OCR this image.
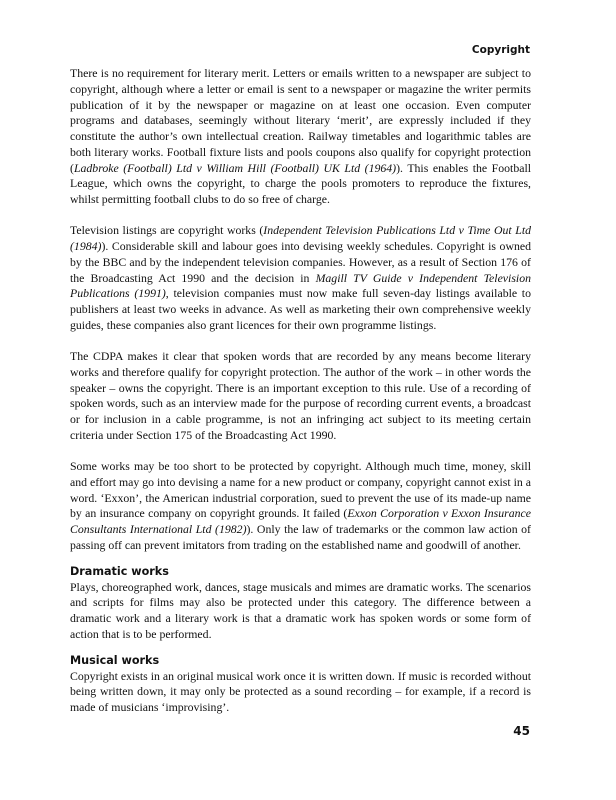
Copyright

There is no requirement for literary merit. Letters or emails written to a newspaper are subject to copyright, although where a letter or email is sent to a newspaper or magazine the writer permits publication of it by the newspaper or magazine on at least one occasion. Even computer programs and databases, seemingly without literary ‘merit’, are expressly included if they constitute the author’s own intellectual creation. Railway timetables and logarithmic tables are both literary works. Football fixture lists and pools coupons also qualify for copyright protection (Ladbroke (Football) Ltd v William Hill (Football) UK Ltd (1964)). This enables the Football League, which owns the copyright, to charge the pools promoters to reproduce the fixtures, whilst permitting football clubs to do so free of charge.

Television listings are copyright works (Independent Television Publications Ltd v Time Out Ltd (1984)). Considerable skill and labour goes into devising weekly schedules. Copyright is owned by the BBC and by the independent television companies. However, as a result of Section 176 of the Broadcasting Act 1990 and the decision in Magill TV Guide v Independent Television Publications (1991), television companies must now make full seven-day listings available to publishers at least two weeks in advance. As well as marketing their own comprehensive weekly guides, these companies also grant licences for their own programme listings.

The CDPA makes it clear that spoken words that are recorded by any means become literary works and therefore qualify for copyright protection. The author of the work – in other words the speaker – owns the copyright. There is an important exception to this rule. Use of a recording of spoken words, such as an interview made for the purpose of recording current events, a broadcast or for inclusion in a cable programme, is not an infringing act subject to its meeting certain criteria under Section 175 of the Broadcasting Act 1990.

Some works may be too short to be protected by copyright. Although much time, money, skill and effort may go into devising a name for a new product or company, copyright cannot exist in a word. ‘Exxon’, the American industrial corporation, sued to prevent the use of its made-up name by an insurance company on copyright grounds. It failed (Exxon Corporation v Exxon Insurance Consultants International Ltd (1982)). Only the law of trademarks or the common law action of passing off can prevent imitators from trading on the established name and goodwill of another.

Dramatic works

Plays, choreographed work, dances, stage musicals and mimes are dramatic works. The scenarios and scripts for films may also be protected under this category. The difference between a dramatic work and a literary work is that a dramatic work has spoken words or some form of action that is to be performed.

Musical works

Copyright exists in an original musical work once it is written down. If music is recorded without being written down, it may only be protected as a sound recording – for example, if a record is made of musicians ‘improvising’.

45
